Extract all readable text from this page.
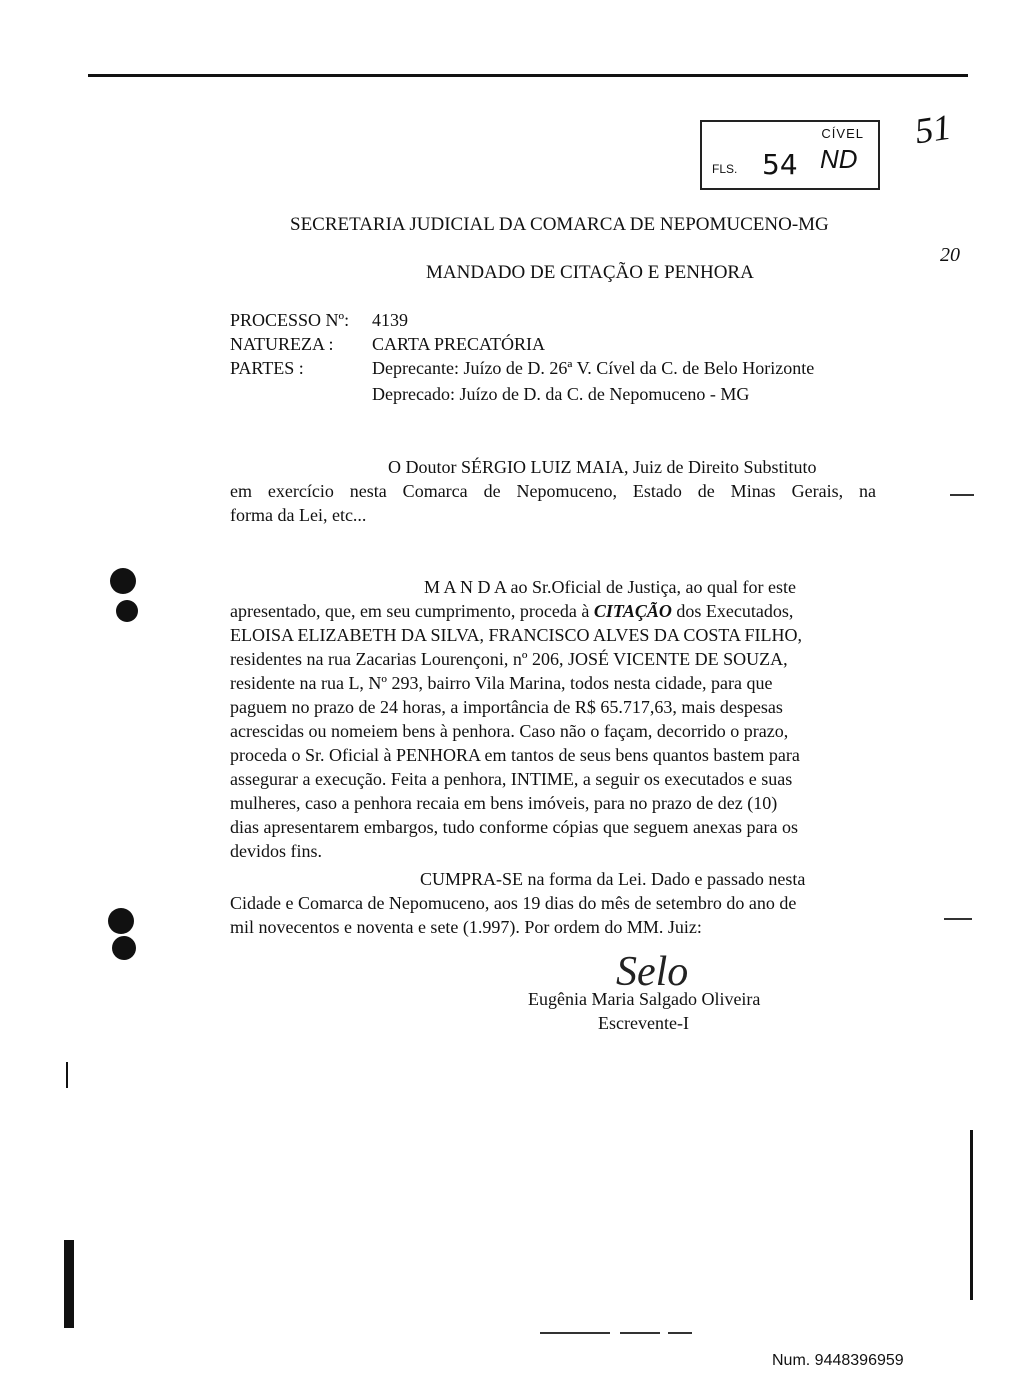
CÍVEL
FLS. 54 ND
51
20
SECRETARIA JUDICIAL DA COMARCA DE NEPOMUCENO-MG
MANDADO DE CITAÇÃO E PENHORA
PROCESSO Nº: 4139
NATUREZA : CARTA PRECATÓRIA
PARTES :	Deprecante: Juízo de D. 26ª V. Cível da C. de Belo Horizonte
Deprecado: Juízo de D. da C. de Nepomuceno - MG
O Doutor SÉRGIO LUIZ MAIA, Juiz de Direito Substituto
em exercício nesta Comarca de Nepomuceno, Estado de Minas Gerais, na
forma da Lei, etc...
M A N D A ao Sr.Oficial de Justiça, ao qual for este
apresentado, que, em seu cumprimento, proceda à CITAÇÃO dos Executados,
ELOISA ELIZABETH DA SILVA, FRANCISCO ALVES DA COSTA FILHO,
residentes na rua Zacarias Lourençoni, nº 206, JOSÉ VICENTE DE SOUZA,
residente na rua L, Nº 293, bairro Vila Marina, todos nesta cidade, para que
paguem no prazo de 24 horas, a importância de R$ 65.717,63, mais despesas
acrescidas ou nomeiem bens à penhora. Caso não o façam, decorrido o prazo,
proceda o Sr. Oficial à PENHORA em tantos de seus bens quantos bastem para
assegurar a execução. Feita a penhora, INTIME, a seguir os executados e suas
mulheres, caso a penhora recaia em bens imóveis, para no prazo de dez (10)
dias apresentarem embargos, tudo conforme cópias que seguem anexas para os
devidos fins.
CUMPRA-SE na forma da Lei. Dado e passado nesta
Cidade e Comarca de Nepomuceno, aos 19 dias do mês de setembro do ano de
mil novecentos e noventa e sete (1.997). Por ordem do MM. Juiz:
Selo
Eugênia Maria Salgado Oliveira
Escrevente-I
Num. 9448396959
